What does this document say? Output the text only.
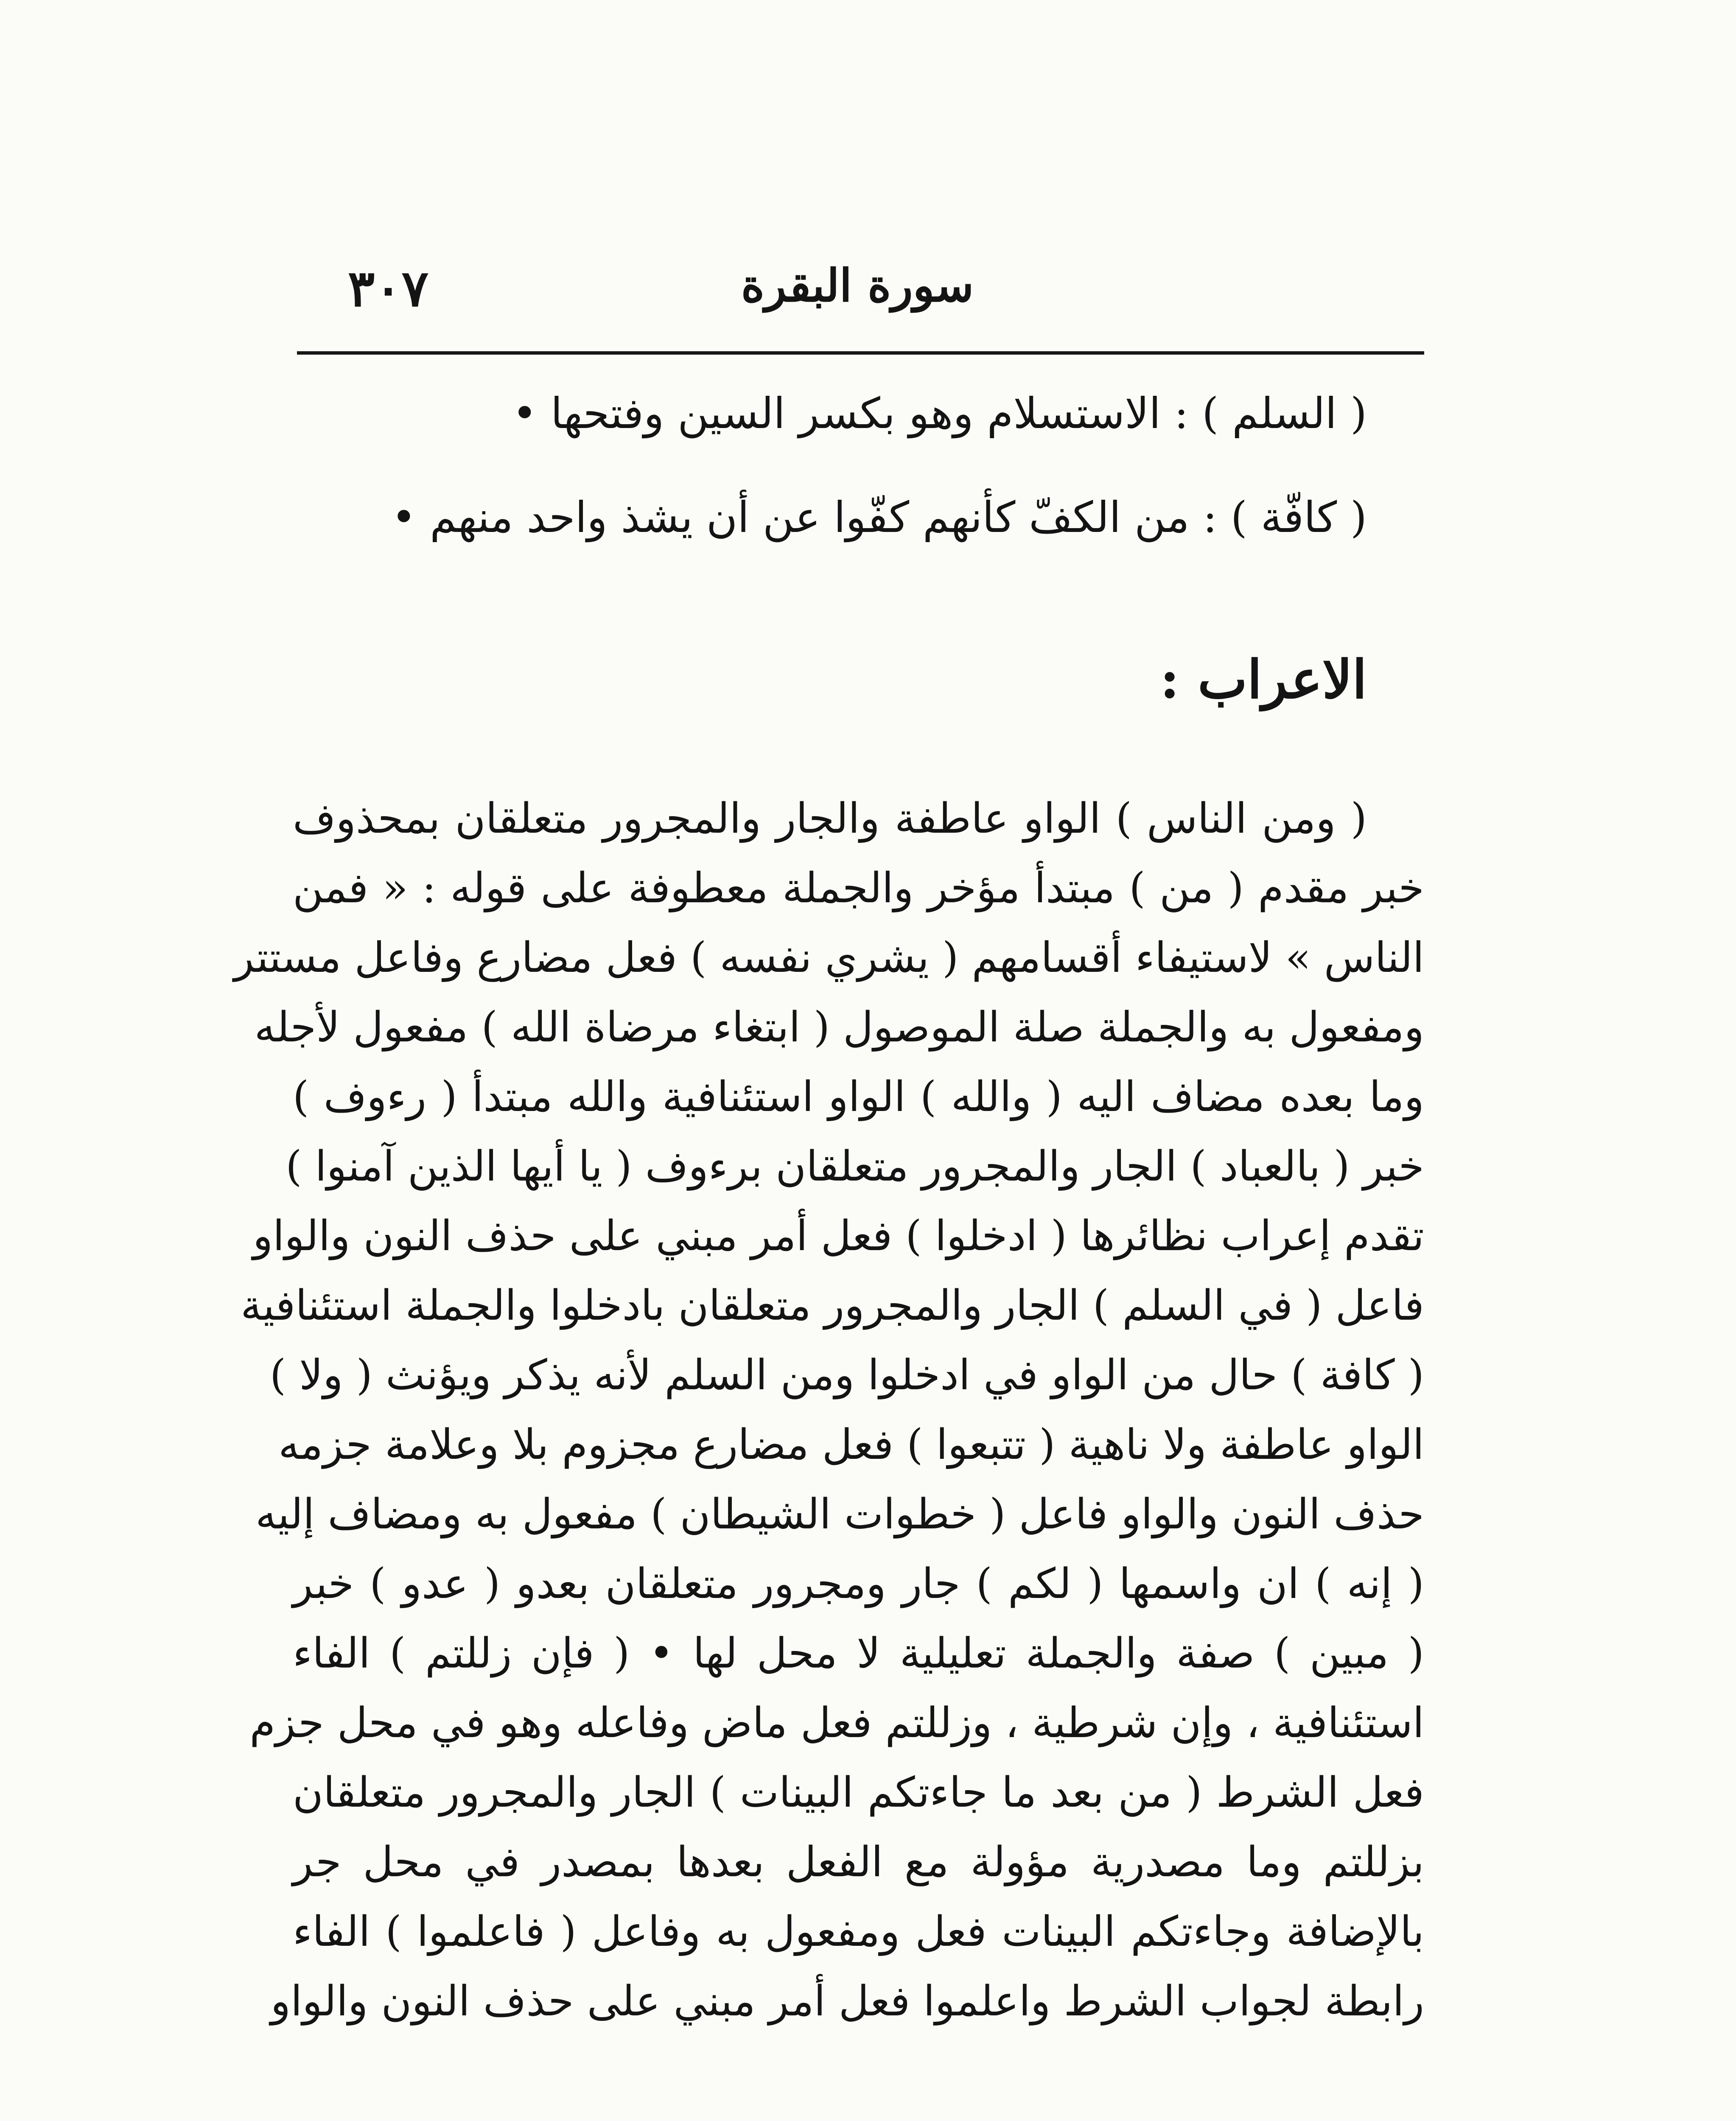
٣٠٧	سورة البقرة
( السلم ) : الاستسلام وهو بكسر السين وفتحها •
( كافّة ) : من الكفّ كأنهم كفّوا عن أن يشذ واحد منهم •
الاعراب :
( ومن الناس ) الواو عاطفة والجار والمجرور متعلقان بمحذوف
خبر مقدم ( من ) مبتدأ مؤخر والجملة معطوفة على قوله : « فمن
الناس » لاستيفاء أقسامهم ( يشري نفسه ) فعل مضارع وفاعل مستتر
ومفعول به والجملة صلة الموصول ( ابتغاء مرضاة الله ) مفعول لأجله
وما بعده مضاف اليه ( والله ) الواو استئنافية والله مبتدأ ( رءوف )
خبر ( بالعباد ) الجار والمجرور متعلقان برءوف ( يا أيها الذين آمنوا )
تقدم إعراب نظائرها ( ادخلوا ) فعل أمر مبني على حذف النون والواو
فاعل ( في السلم ) الجار والمجرور متعلقان بادخلوا والجملة استئنافية
( كافة ) حال من الواو في ادخلوا ومن السلم لأنه يذكر ويؤنث ( ولا )
الواو عاطفة ولا ناهية ( تتبعوا ) فعل مضارع مجزوم بلا وعلامة جزمه
حذف النون والواو فاعل ( خطوات الشيطان ) مفعول به ومضاف إليه
( إنه ) ان واسمها ( لكم ) جار ومجرور متعلقان بعدو ( عدو ) خبر
( مبين ) صفة والجملة تعليلية لا محل لها • ( فإن زللتم ) الفاء
استئنافية ، وإن شرطية ، وزللتم فعل ماض وفاعله وهو في محل جزم
فعل الشرط ( من بعد ما جاءتكم البينات ) الجار والمجرور متعلقان
بزللتم وما مصدرية مؤولة مع الفعل بعدها بمصدر في محل جر
بالإضافة وجاءتكم البينات فعل ومفعول به وفاعل ( فاعلموا ) الفاء
رابطة لجواب الشرط واعلموا فعل أمر مبني على حذف النون والواو
